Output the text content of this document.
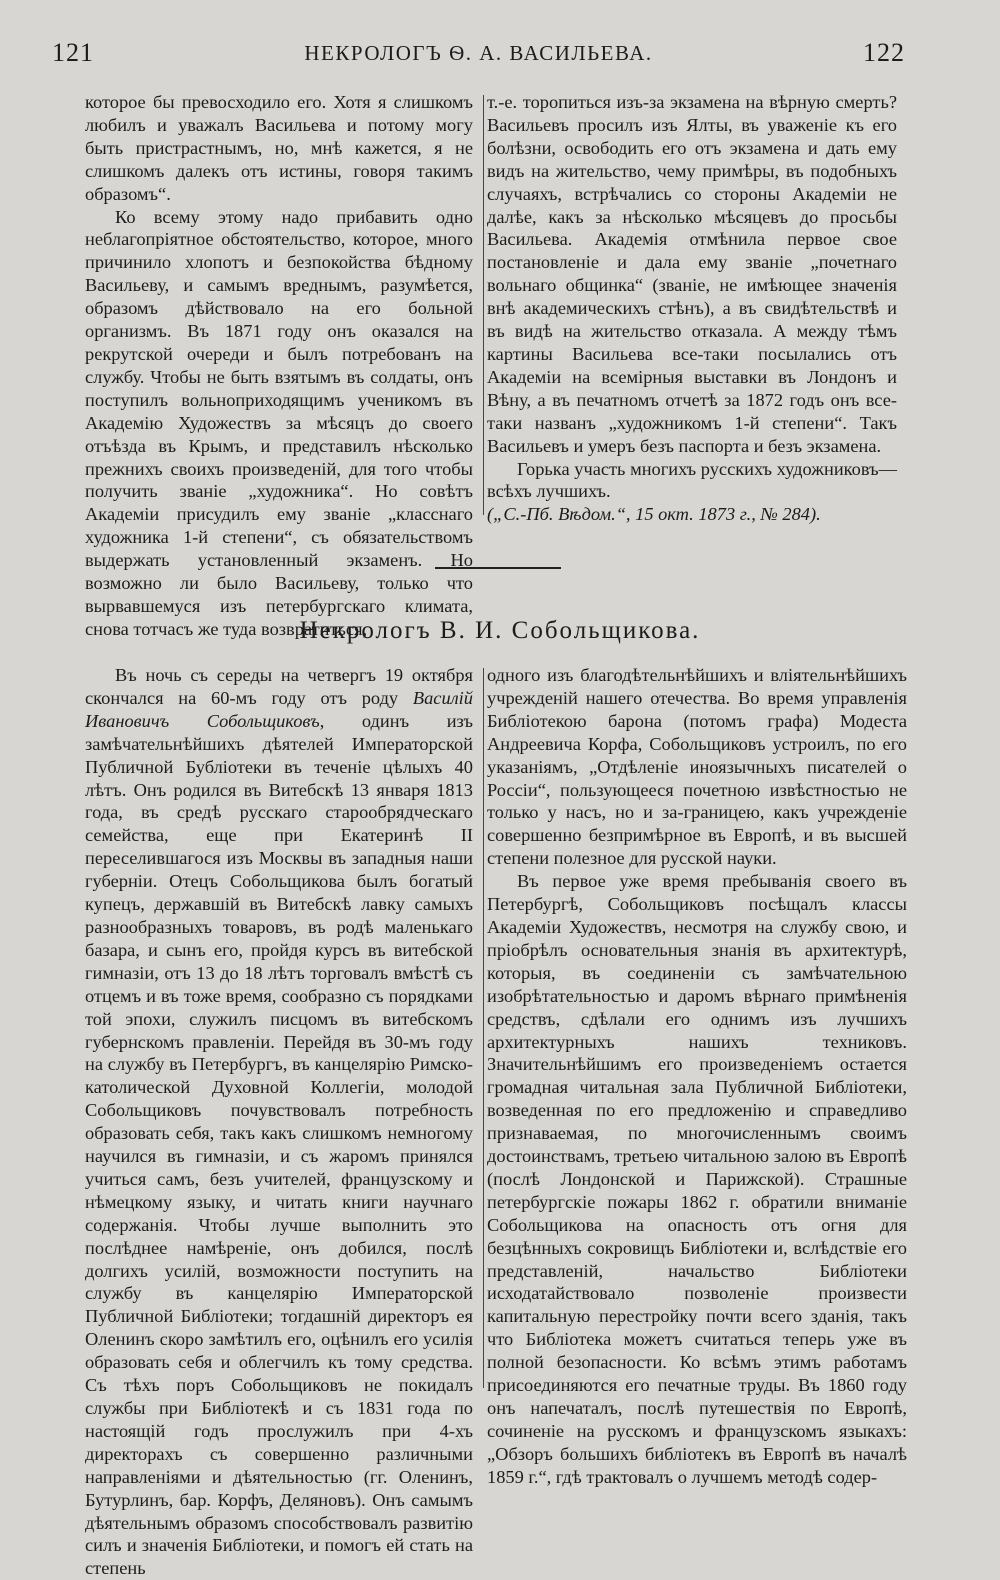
121	НЕКРОЛОГЪ Ѳ. А. ВАСИЛЬЕВА.	122

которое бы превосходило его. Хотя я слишкомъ любилъ и уважалъ Васильева и потому могу быть пристрастнымъ, но, мнѣ кажется, я не слишкомъ далекъ отъ истины, говоря такимъ образомъ“.

Ко всему этому надо прибавить одно неблагопріятное обстоятельство, которое, много причинило хлопотъ и безпокойства бѣдному Васильеву, и самымъ вреднымъ, разумѣется, образомъ дѣйствовало на его больной организмъ. Въ 1871 году онъ оказался на рекрутской очереди и былъ потребованъ на службу. Чтобы не быть взятымъ въ солдаты, онъ поступилъ вольноприходящимъ ученикомъ въ Академію Художествъ за мѣсяцъ до своего отъѣзда въ Крымъ, и представилъ нѣсколько прежнихъ своихъ произведеній, для того чтобы получить званіе „художника“. Но совѣтъ Академіи присудилъ ему званіе „класснаго художника 1-й степени“, съ обязательствомъ выдержать установленный экзаменъ. Но возможно ли было Васильеву, только что вырвавшемуся изъ петербургскаго климата, снова тотчасъ же туда возвратиться,

т.-е. торопиться изъ-за экзамена на вѣрную смерть? Васильевъ просилъ изъ Ялты, въ уваженіе къ его болѣзни, освободить его отъ экзамена и дать ему видъ на жительство, чему примѣры, въ подобныхъ случаяхъ, встрѣчались со стороны Академіи не далѣе, какъ за нѣсколько мѣсяцевъ до просьбы Васильева. Академія отмѣнила первое свое постановленіе и дала ему званіе „почетнаго вольнаго общинка“ (званіе, не имѣющее значенія внѣ академическихъ стѣнъ), а въ свидѣтельствѣ и въ видѣ на жительство отказала. А между тѣмъ картины Васильева все-таки посылались отъ Академіи на всемірныя выставки въ Лондонъ и Вѣну, а въ печатномъ отчетѣ за 1872 годъ онъ все-таки названъ „художникомъ 1-й степени“. Такъ Васильевъ и умеръ безъ паспорта и безъ экзамена.

Горька участь многихъ русскихъ художниковъ— всѣхъ лучшихъ.

(„С.-Пб. Вѣдом.“, 15 окт. 1873 г., № 284).

Некрологъ В. И. Собольщикова.

Въ ночь съ середы на четвергъ 19 октября скончался на 60-мъ году отъ роду Василій Ивановичъ Собольщиковъ, одинъ изъ замѣчательнѣйшихъ дѣятелей Императорской Публичной Бубліотеки въ теченіе цѣлыхъ 40 лѣтъ. Онъ родился въ Витебскѣ 13 января 1813 года, въ средѣ русскаго старообрядческаго семейства, еще при Екатеринѣ II переселившагося изъ Москвы въ западныя наши губерніи. Отецъ Собольщикова былъ богатый купецъ, державшій въ Витебскѣ лавку самыхъ разнообразныхъ товаровъ, въ родѣ маленькаго базара, и сынъ его, пройдя курсъ въ витебской гимназіи, отъ 13 до 18 лѣтъ торговалъ вмѣстѣ съ отцемъ и въ тоже время, сообразно съ порядками той эпохи, служилъ писцомъ въ витебскомъ губернскомъ правленіи. Перейдя въ 30-мъ году на службу въ Петербургъ, въ канцелярію Римско-католической Духовной Коллегіи, молодой Собольщиковъ почувствовалъ потребность образовать себя, такъ какъ слишкомъ немногому научился въ гимназіи, и съ жаромъ принялся учиться самъ, безъ учителей, французскому и нѣмецкому языку, и читать книги научнаго содержанія. Чтобы лучше выполнить это послѣднее намѣреніе, онъ добился, послѣ долгихъ усилій, возможности поступить на службу въ канцелярію Императорской Публичной Библіотеки; тогдашній директоръ ея Оленинъ скоро замѣтилъ его, оцѣнилъ его усилія образовать себя и облегчилъ къ тому средства. Съ тѣхъ поръ Собольщиковъ не покидалъ службы при Библіотекѣ и съ 1831 года по настоящій годъ прослужилъ при 4-хъ директорахъ съ совершенно различными направленіями и дѣятельностью (гг. Оленинъ, Бутурлинъ, бар. Корфъ, Деляновъ). Онъ самымъ дѣятельнымъ образомъ способствовалъ развитію силъ и значенія Библіотеки, и помогъ ей стать на степень

одного изъ благодѣтельнѣйшихъ и вліятельнѣйшихъ учрежденій нашего отечества. Во время управленія Библіотекою барона (потомъ графа) Модеста Андреевича Корфа, Собольщиковъ устроилъ, по его указаніямъ, „Отдѣленіе иноязычныхъ писателей о Россіи“, пользующееся почетною извѣстностью не только у насъ, но и за-границею, какъ учрежденіе совершенно безпримѣрное въ Европѣ, и въ высшей степени полезное для русской науки.

Въ первое уже время пребыванія своего въ Петербургѣ, Собольщиковъ посѣщалъ классы Академіи Художествъ, несмотря на службу свою, и пріобрѣлъ основательныя знанія въ архитектурѣ, которыя, въ соединеніи съ замѣчательною изобрѣтательностью и даромъ вѣрнаго примѣненія средствъ, сдѣлали его однимъ изъ лучшихъ архитектурныхъ нашихъ техниковъ. Значительнѣйшимъ его произведеніемъ остается громадная читальная зала Публичной Библіотеки, возведенная по его предложенію и справедливо признаваемая, по многочисленнымъ своимъ достоинствамъ, третьею читальною залою въ Европѣ (послѣ Лондонской и Парижской). Страшные петербургскіе пожары 1862 г. обратили вниманіе Собольщикова на опасность отъ огня для безцѣнныхъ сокровищъ Библіотеки и, вслѣдствіе его представленій, начальство Библіотеки исходатайствовало позволеніе произвести капитальную перестройку почти всего зданія, такъ что Библіотека можетъ считаться теперь уже въ полной безопасности. Ко всѣмъ этимъ работамъ присоединяются его печатные труды. Въ 1860 году онъ напечаталъ, послѣ путешествія по Европѣ, сочиненіе на русскомъ и французскомъ языкахъ: „Обзоръ большихъ библіотекъ въ Европѣ въ началѣ 1859 г.“, гдѣ трактовалъ о лучшемъ методѣ содер-
